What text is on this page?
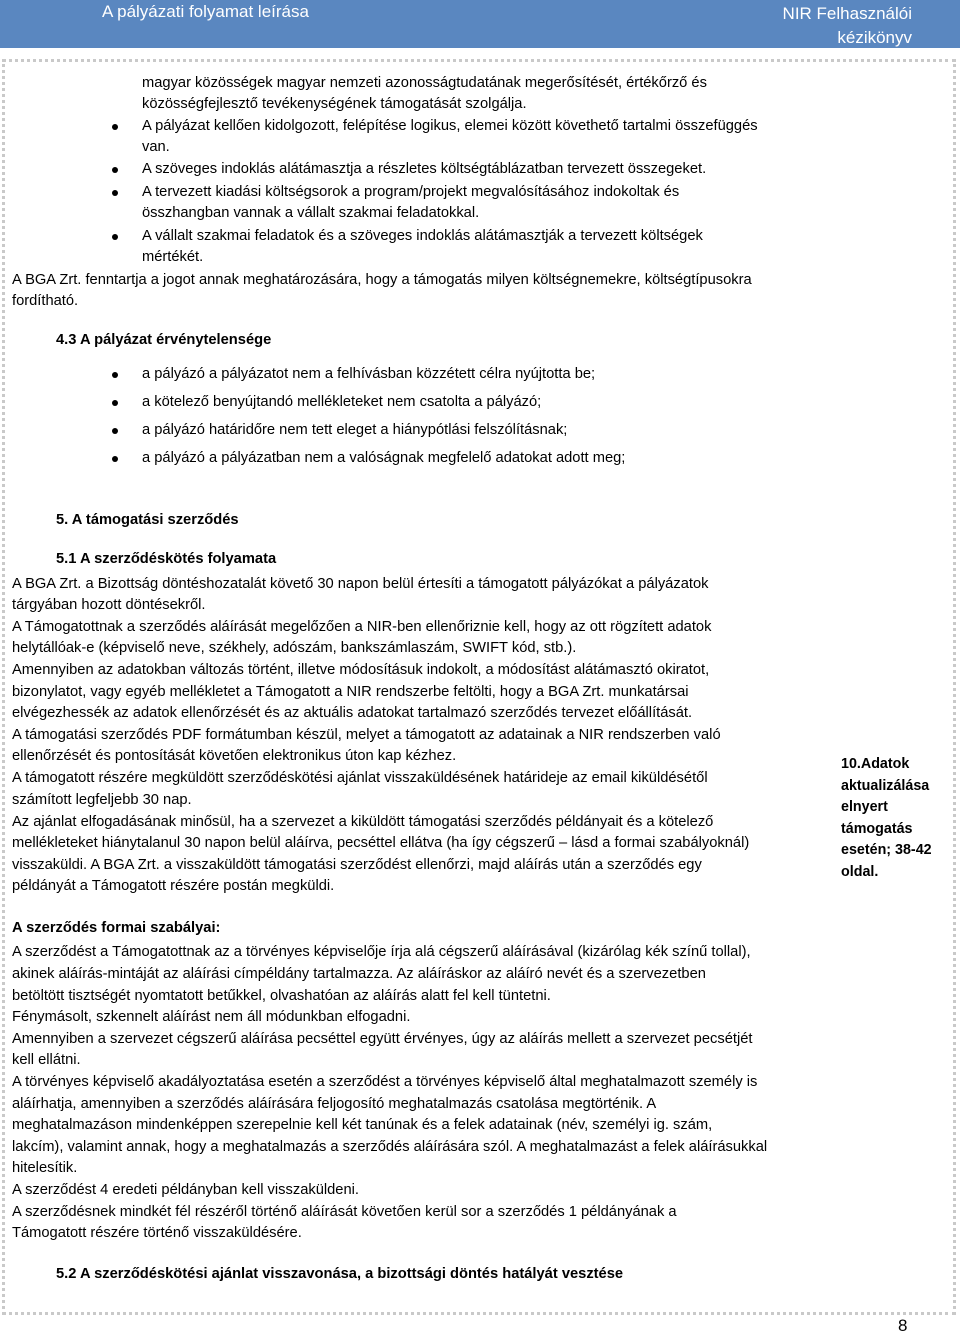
A pályázati folyamat leírása	NIR Felhasználói
kézikönyv
magyar közösségek magyar nemzeti azonosságtudatának megerősítését, értékőrző és
közösségfejlesztő tevékenységének támogatását szolgálja.
A pályázat kellően kidolgozott, felépítése logikus, elemei között követhető tartalmi összefüggés
van.
A szöveges indoklás alátámasztja a részletes költségtáblázatban tervezett összegeket.
A tervezett kiadási költségsorok a program/projekt megvalósításához indokoltak és
összhangban vannak a vállalt szakmai feladatokkal.
A vállalt szakmai feladatok és a szöveges indoklás alátámasztják a tervezett költségek
mértékét.
A BGA Zrt. fenntartja a jogot annak meghatározására, hogy a támogatás milyen költségnemekre, költségtípusokra
fordítható.
4.3 A pályázat érvénytelensége
a pályázó a pályázatot nem a felhívásban közzétett célra nyújtotta be;
a kötelező benyújtandó mellékleteket nem csatolta a pályázó;
a pályázó határidőre nem tett eleget a hiánypótlási felszólításnak;
a pályázó a pályázatban nem a valóságnak megfelelő adatokat adott meg;
5. A támogatási szerződés
5.1 A szerződéskötés folyamata
A BGA Zrt. a Bizottság döntéshozatalát követő 30 napon belül értesíti a támogatott pályázókat a pályázatok
tárgyában hozott döntésekről.
A Támogatottnak a szerződés aláírását megelőzően a NIR-ben ellenőriznie kell, hogy az ott rögzített adatok
helytállóak-e (képviselő neve, székhely, adószám, bankszámlaszám, SWIFT kód, stb.).
Amennyiben az adatokban változás történt, illetve módosításuk indokolt, a módosítást alátámasztó okiratot,
bizonylatot, vagy egyéb mellékletet a Támogatott a NIR rendszerbe feltölti, hogy a BGA Zrt. munkatársai
elvégezhessék az adatok ellenőrzését és az aktuális adatokat tartalmazó szerződés tervezet előállítását.
A támogatási szerződés PDF formátumban készül, melyet a támogatott az adatainak a NIR rendszerben való
ellenőrzését és pontosítását követően elektronikus úton kap kézhez.
A támogatott részére megküldött szerződéskötési ajánlat visszaküldésének határideje az email kiküldésétől
számított legfeljebb 30 nap.
Az ajánlat elfogadásának minősül, ha a szervezet a kiküldött támogatási szerződés példányait és a kötelező
mellékleteket hiánytalanul 30 napon belül aláírva, pecséttel ellátva (ha így cégszerű – lásd a formai szabályoknál)
visszaküldi. A BGA Zrt. a visszaküldött támogatási szerződést ellenőrzi, majd aláírás után a szerződés egy
példányát a Támogatott részére postán megküldi.
10.Adatok
aktualizálása
elnyert
támogatás
esetén; 38-42
oldal.
A szerződés formai szabályai:
A szerződést a Támogatottnak az a törvényes képviselője írja alá cégszerű aláírásával (kizárólag kék színű tollal),
akinek aláírás-mintáját az aláírási címpéldány tartalmazza. Az aláíráskor az aláíró nevét és a szervezetben
betöltött tisztségét nyomtatott betűkkel, olvashatóan az aláírás alatt fel kell tüntetni.
Fénymásolt, szkennelt aláírást nem áll módunkban elfogadni.
Amennyiben a szervezet cégszerű aláírása pecséttel együtt érvényes, úgy az aláírás mellett a szervezet pecsétjét
kell ellátni.
A törvényes képviselő akadályoztatása esetén a szerződést a törvényes képviselő által meghatalmazott személy is
aláírhatja, amennyiben a szerződés aláírására feljogosító meghatalmazás csatolása megtörténik. A
meghatalmazáson mindenképpen szerepelnie kell két tanúnak és a felek adatainak (név, személyi ig. szám,
lakcím), valamint annak, hogy a meghatalmazás a szerződés aláírására szól. A meghatalmazást a felek aláírásukkal
hitelesítik.
A szerződést 4 eredeti példányban kell visszaküldeni.
A szerződésnek mindkét fél részéről történő aláírását követően kerül sor a szerződés 1 példányának a
Támogatott részére történő visszaküldésére.
5.2 A szerződéskötési ajánlat visszavonása, a bizottsági döntés hatályát vesztése
8
